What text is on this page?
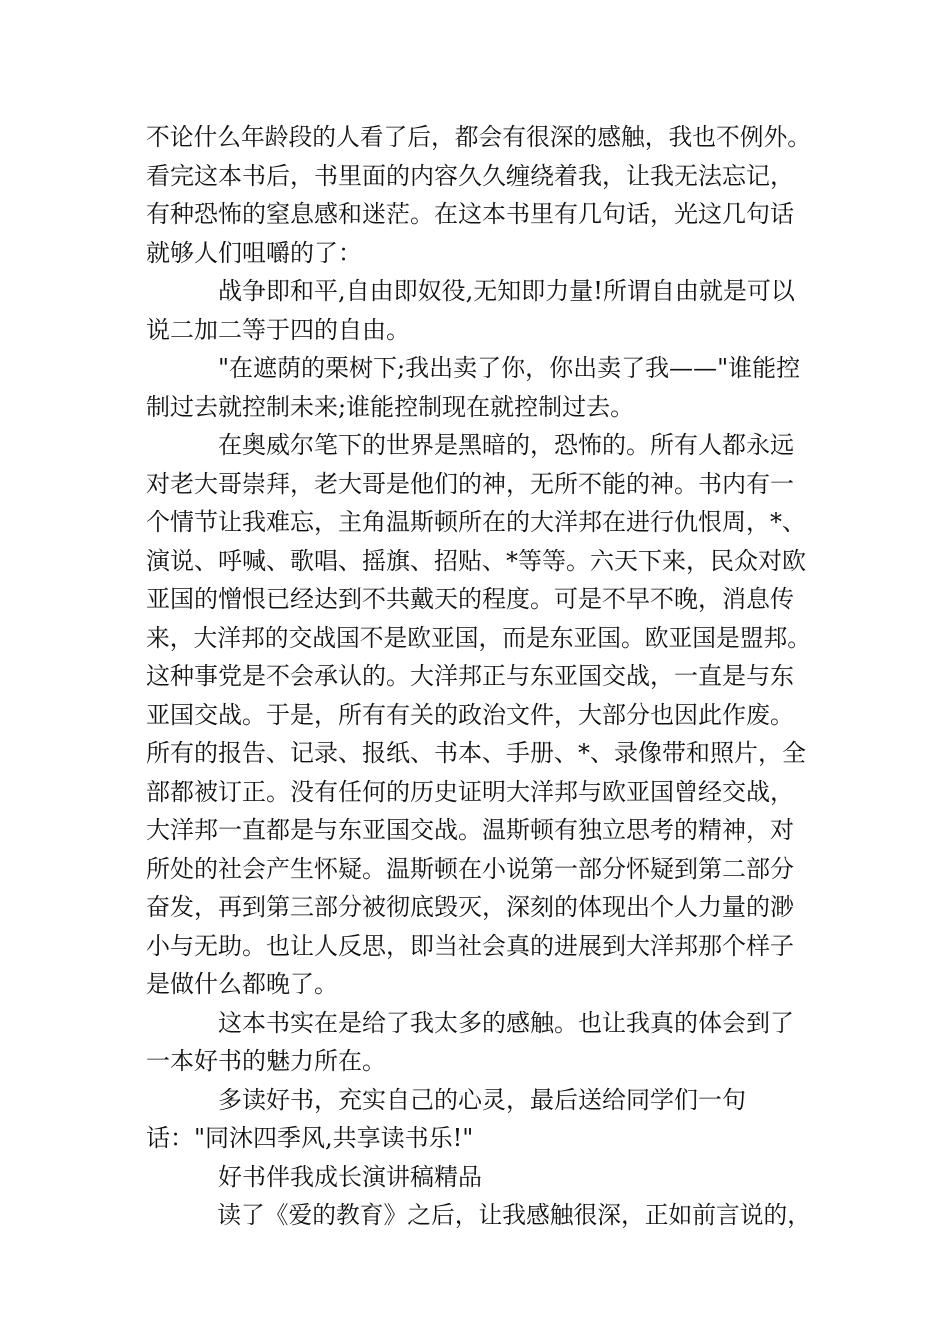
不论什么年龄段的人看了后，都会有很深的感触，我也不例外。
看完这本书后，书里面的内容久久缠绕着我，让我无法忘记，
有种恐怖的窒息感和迷茫。在这本书里有几句话，光这几句话
就够人们咀嚼的了：
战争即和平,自由即奴役,无知即力量!所谓自由就是可以
说二加二等于四的自由。
"在遮荫的栗树下;我出卖了你，你出卖了我——"谁能控
制过去就控制未来;谁能控制现在就控制过去。
在奥威尔笔下的世界是黑暗的，恐怖的。所有人都永远
对老大哥崇拜，老大哥是他们的神，无所不能的神。书内有一
个情节让我难忘，主角温斯顿所在的大洋邦在进行仇恨周，*、
演说、呼喊、歌唱、摇旗、招贴、*等等。六天下来，民众对欧
亚国的憎恨已经达到不共戴天的程度。可是不早不晚，消息传
来，大洋邦的交战国不是欧亚国，而是东亚国。欧亚国是盟邦。
这种事党是不会承认的。大洋邦正与东亚国交战，一直是与东
亚国交战。于是，所有有关的政治文件，大部分也因此作废。
所有的报告、记录、报纸、书本、手册、*、录像带和照片，全
部都被订正。没有任何的历史证明大洋邦与欧亚国曾经交战，
大洋邦一直都是与东亚国交战。温斯顿有独立思考的精神，对
所处的社会产生怀疑。温斯顿在小说第一部分怀疑到第二部分
奋发，再到第三部分被彻底毁灭，深刻的体现出个人力量的渺
小与无助。也让人反思，即当社会真的进展到大洋邦那个样子
是做什么都晚了。
这本书实在是给了我太多的感触。也让我真的体会到了
一本好书的魅力所在。
多读好书，充实自己的心灵，最后送给同学们一句
话："同沐四季风,共享读书乐!"
好书伴我成长演讲稿精品
读了《爱的教育》之后，让我感触很深，正如前言说的，
